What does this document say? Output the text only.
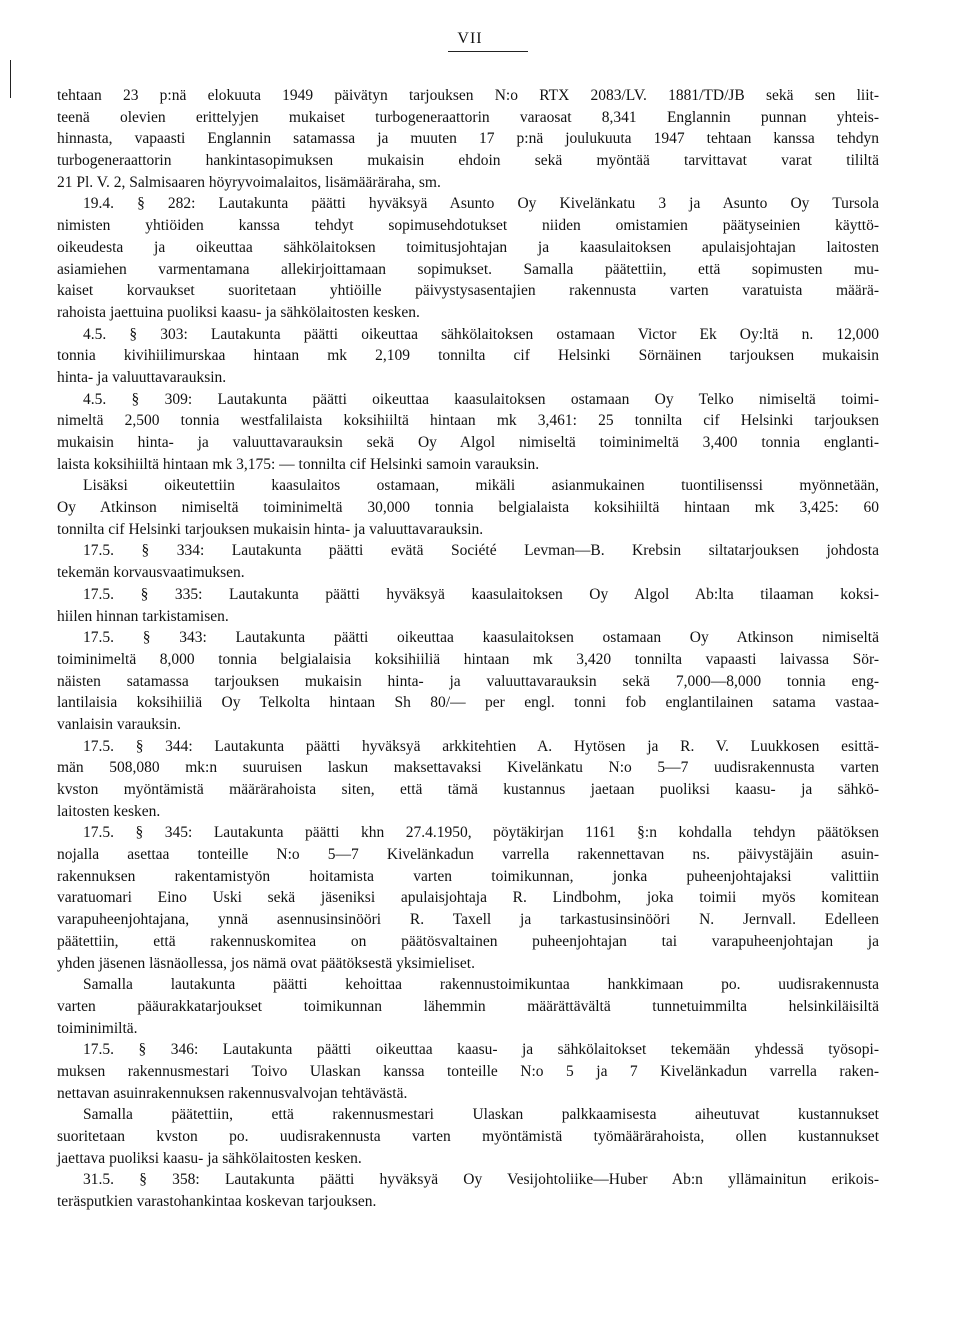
VII
tehtaan 23 p:nä elokuuta 1949 päivätyn tarjouksen N:o RTX 2083/LV. 1881/TD/JB sekä sen liit-
teenä olevien erittelyjen mukaiset turbogeneraattorin varaosat 8,341 Englannin punnan yhteis-
hinnasta, vapaasti Englannin satamassa ja muuten 17 p:nä joulukuuta 1947 tehtaan kanssa tehdyn
turbogeneraattorin hankintasopimuksen mukaisin ehdoin sekä myöntää tarvittavat varat tililtä
21 Pl. V. 2, Salmisaaren höyryvoimalaitos, lisämääräraha, sm.
19.4. § 282: Lautakunta päätti hyväksyä Asunto Oy Kivelänkatu 3 ja Asunto Oy Tursola
nimisten yhtiöiden kanssa tehdyt sopimusehdotukset niiden omistamien päätyseinien käyttö-
oikeudesta ja oikeuttaa sähkölaitoksen toimitusjohtajan ja kaasulaitoksen apulaisjohtajan laitosten
asiamiehen varmentamana allekirjoittamaan sopimukset. Samalla päätettiin, että sopimusten mu-
kaiset korvaukset suoritetaan yhtiöille päivystysasentajien rakennusta varten varatuista määrä-
rahoista jaettuina puoliksi kaasu- ja sähkölaitosten kesken.
4.5. § 303: Lautakunta päätti oikeuttaa sähkölaitoksen ostamaan Victor Ek Oy:ltä n. 12,000
tonnia kivihiilimurskaa hintaan mk 2,109 tonnilta cif Helsinki Sörnäinen tarjouksen mukaisin
hinta- ja valuuttavarauksin.
4.5. § 309: Lautakunta päätti oikeuttaa kaasulaitoksen ostamaan Oy Telko nimiseltä toimi-
nimeltä 2,500 tonnia westfalilaista koksihiiltä hintaan mk 3,461: 25 tonnilta cif Helsinki tarjouksen
mukaisin hinta- ja valuuttavarauksin sekä Oy Algol nimiseltä toiminimeltä 3,400 tonnia englanti-
laista koksihiiltä hintaan mk 3,175: — tonnilta cif Helsinki samoin varauksin.
Lisäksi oikeutettiin kaasulaitos ostamaan, mikäli asianmukainen tuontilisenssi myönnetään,
Oy Atkinson nimiseltä toiminimeltä 30,000 tonnia belgialaista koksihiiltä hintaan mk 3,425: 60
tonnilta cif Helsinki tarjouksen mukaisin hinta- ja valuuttavarauksin.
17.5. § 334: Lautakunta päätti evätä Société Levman—B. Krebsin siltatarjouksen johdosta
tekemän korvausvaatimuksen.
17.5. § 335: Lautakunta päätti hyväksyä kaasulaitoksen Oy Algol Ab:lta tilaaman koksi-
hiilen hinnan tarkistamisen.
17.5. § 343: Lautakunta päätti oikeuttaa kaasulaitoksen ostamaan Oy Atkinson nimiseltä
toiminimeltä 8,000 tonnia belgialaisia koksihiiliä hintaan mk 3,420 tonnilta vapaasti laivassa Sör-
näisten satamassa tarjouksen mukaisin hinta- ja valuuttavarauksin sekä 7,000—8,000 tonnia eng-
lantilaisia koksihiiliä Oy Telkolta hintaan Sh 80/— per engl. tonni fob englantilainen satama vastaa-
vanlaisin varauksin.
17.5. § 344: Lautakunta päätti hyväksyä arkkitehtien A. Hytösen ja R. V. Luukkosen esittä-
män 508,080 mk:n suuruisen laskun maksettavaksi Kivelänkatu N:o 5—7 uudisrakennusta varten
kvston myöntämistä määrärahoista siten, että tämä kustannus jaetaan puoliksi kaasu- ja sähkö-
laitosten kesken.
17.5. § 345: Lautakunta päätti khn 27.4.1950, pöytäkirjan 1161 §:n kohdalla tehdyn päätöksen
nojalla asettaa tonteille N:o 5—7 Kivelänkadun varrella rakennettavan ns. päivystäjäin asuin-
rakennuksen rakentamistyön hoitamista varten toimikunnan, jonka puheenjohtajaksi valittiin
varatuomari Eino Uski sekä jäseniksi apulaisjohtaja R. Lindbohm, joka toimii myös komitean
varapuheenjohtajana, ynnä asennusinsinööri R. Taxell ja tarkastusinsinööri N. Jernvall. Edelleen
päätettiin, että rakennuskomitea on päätösvaltainen puheenjohtajan tai varapuheenjohtajan ja
yhden jäsenen läsnäollessa, jos nämä ovat päätöksestä yksimieliset.
Samalla lautakunta päätti kehoittaa rakennustoimikuntaa hankkimaan po. uudisrakennusta
varten pääurakkatarjoukset toimikunnan lähemmin määrättävältä tunnetuimmilta helsinkiläisiltä
toiminimiltä.
17.5. § 346: Lautakunta päätti oikeuttaa kaasu- ja sähkölaitokset tekemään yhdessä työsopi-
muksen rakennusmestari Toivo Ulaskan kanssa tonteille N:o 5 ja 7 Kivelänkadun varrella raken-
nettavan asuinrakennuksen rakennusvalvojan tehtävästä.
Samalla päätettiin, että rakennusmestari Ulaskan palkkaamisesta aiheutuvat kustannukset
suoritetaan kvston po. uudisrakennusta varten myöntämistä työmäärärahoista, ollen kustannukset
jaettava puoliksi kaasu- ja sähkölaitosten kesken.
31.5. § 358: Lautakunta päätti hyväksyä Oy Vesijohtoliike—Huber Ab:n yllämainitun erikois-
teräsputkien varastohankintaa koskevan tarjouksen.
